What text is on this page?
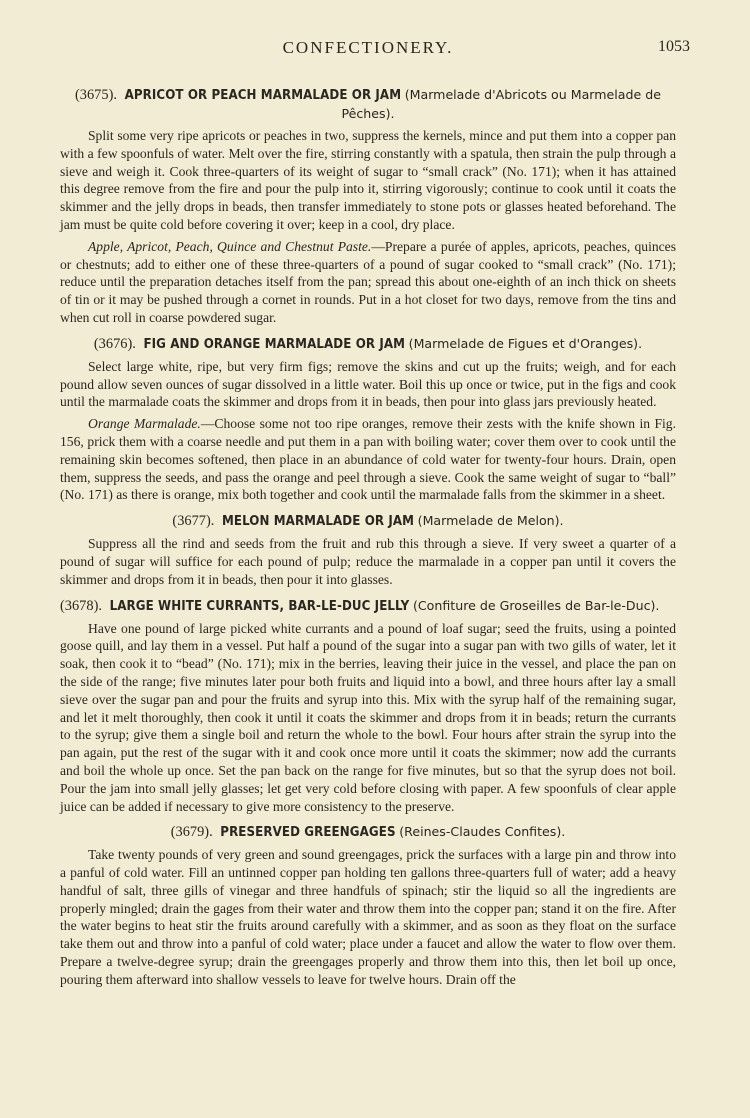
CONFECTIONERY.	1053
(3675). APRICOT OR PEACH MARMALADE OR JAM (Marmelade d'Abricots ou Marmelade de Pêches).

Split some very ripe apricots or peaches in two, suppress the kernels, mince and put them into a copper pan with a few spoonfuls of water. Melt over the fire, stirring constantly with a spatula, then strain the pulp through a sieve and weigh it. Cook three-quarters of its weight of sugar to “small crack” (No. 171); when it has attained this degree remove from the fire and pour the pulp into it, stirring vigorously; continue to cook until it coats the skimmer and the jelly drops in beads, then transfer immediately to stone pots or glasses heated beforehand. The jam must be quite cold before covering it over; keep in a cool, dry place.

Apple, Apricot, Peach, Quince and Chestnut Paste.—Prepare a purée of apples, apricots, peaches, quinces or chestnuts; add to either one of these three-quarters of a pound of sugar cooked to “small crack” (No. 171); reduce until the preparation detaches itself from the pan; spread this about one-eighth of an inch thick on sheets of tin or it may be pushed through a cornet in rounds. Put in a hot closet for two days, remove from the tins and when cut roll in coarse powdered sugar.

(3676). FIG AND ORANGE MARMALADE OR JAM (Marmelade de Figues et d'Oranges).

Select large white, ripe, but very firm figs; remove the skins and cut up the fruits; weigh, and for each pound allow seven ounces of sugar dissolved in a little water. Boil this up once or twice, put in the figs and cook until the marmalade coats the skimmer and drops from it in beads, then pour into glass jars previously heated.

Orange Marmalade.—Choose some not too ripe oranges, remove their zests with the knife shown in Fig. 156, prick them with a coarse needle and put them in a pan with boiling water; cover them over to cook until the remaining skin becomes softened, then place in an abundance of cold water for twenty-four hours. Drain, open them, suppress the seeds, and pass the orange and peel through a sieve. Cook the same weight of sugar to “ball” (No. 171) as there is orange, mix both together and cook until the marmalade falls from the skimmer in a sheet.

(3677). MELON MARMALADE OR JAM (Marmelade de Melon).

Suppress all the rind and seeds from the fruit and rub this through a sieve. If very sweet a quarter of a pound of sugar will suffice for each pound of pulp; reduce the marmalade in a copper pan until it covers the skimmer and drops from it in beads, then pour it into glasses.

(3678). LARGE WHITE CURRANTS, BAR-LE-DUC JELLY (Confiture de Groseilles de Bar-le-Duc).

Have one pound of large picked white currants and a pound of loaf sugar; seed the fruits, using a pointed goose quill, and lay them in a vessel. Put half a pound of the sugar into a sugar pan with two gills of water, let it soak, then cook it to “bead” (No. 171); mix in the berries, leaving their juice in the vessel, and place the pan on the side of the range; five minutes later pour both fruits and liquid into a bowl, and three hours after lay a small sieve over the sugar pan and pour the fruits and syrup into this. Mix with the syrup half of the remaining sugar, and let it melt thoroughly, then cook it until it coats the skimmer and drops from it in beads; return the currants to the syrup; give them a single boil and return the whole to the bowl. Four hours after strain the syrup into the pan again, put the rest of the sugar with it and cook once more until it coats the skimmer; now add the currants and boil the whole up once. Set the pan back on the range for five minutes, but so that the syrup does not boil. Pour the jam into small jelly glasses; let get very cold before closing with paper. A few spoonfuls of clear apple juice can be added if necessary to give more consistency to the preserve.

(3679). PRESERVED GREENGAGES (Reines-Claudes Confites).

Take twenty pounds of very green and sound greengages, prick the surfaces with a large pin and throw into a panful of cold water. Fill an untinned copper pan holding ten gallons three-quarters full of water; add a heavy handful of salt, three gills of vinegar and three handfuls of spinach; stir the liquid so all the ingredients are properly mingled; drain the gages from their water and throw them into the copper pan; stand it on the fire. After the water begins to heat stir the fruits around carefully with a skimmer, and as soon as they float on the surface take them out and throw into a panful of cold water; place under a faucet and allow the water to flow over them. Prepare a twelve-degree syrup; drain the greengages properly and throw them into this, then let boil up once, pouring them afterward into shallow vessels to leave for twelve hours. Drain off the
